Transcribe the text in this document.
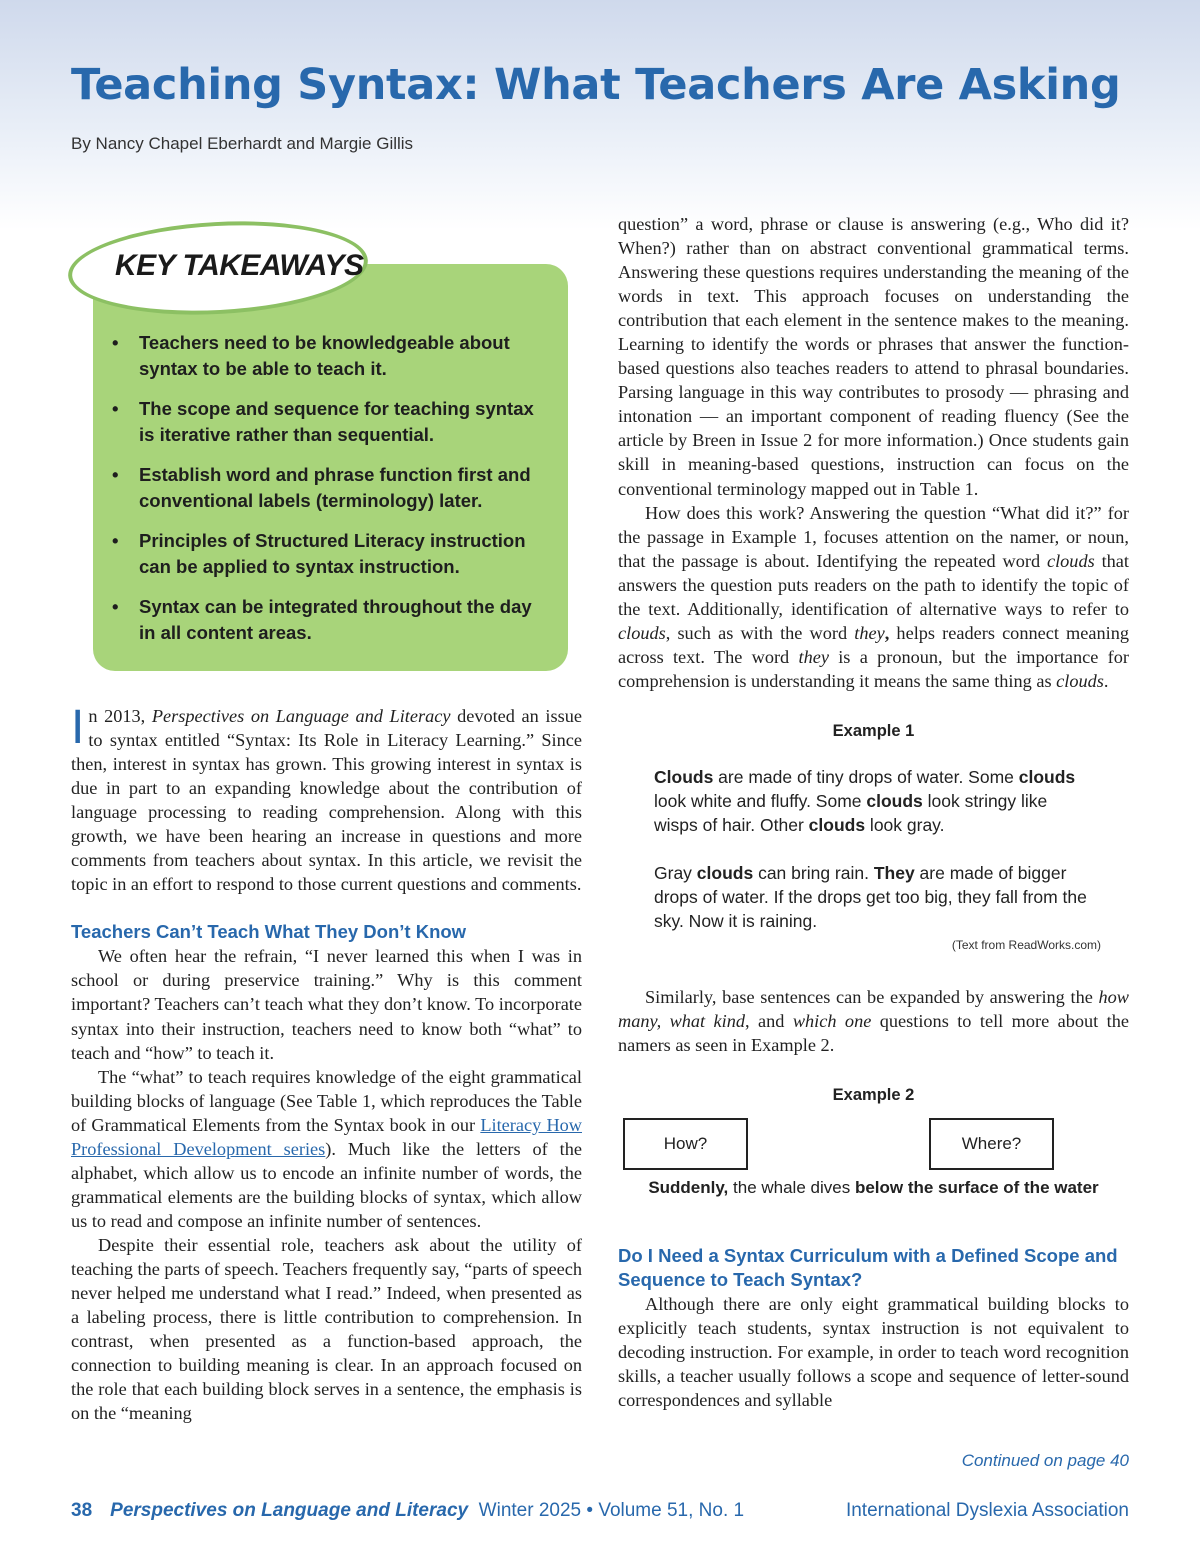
Teaching Syntax: What Teachers Are Asking
By Nancy Chapel Eberhardt and Margie Gillis
KEY TAKEAWAYS
• Teachers need to be knowledgeable about syntax to be able to teach it.
• The scope and sequence for teaching syntax is iterative rather than sequential.
• Establish word and phrase function first and conventional labels (terminology) later.
• Principles of Structured Literacy instruction can be applied to syntax instruction.
• Syntax can be integrated throughout the day in all content areas.

In 2013, Perspectives on Language and Literacy devoted an issue to syntax entitled “Syntax: Its Role in Literacy Learning.” Since then, interest in syntax has grown. This growing interest in syntax is due in part to an expanding knowledge about the contribution of language processing to reading comprehension. Along with this growth, we have been hearing an increase in questions and more comments from teachers about syntax. In this article, we revisit the topic in an effort to respond to those current questions and comments.

Teachers Can’t Teach What They Don’t Know

We often hear the refrain, “I never learned this when I was in school or during preservice training.” Why is this comment important? Teachers can’t teach what they don’t know. To incorporate syntax into their instruction, teachers need to know both “what” to teach and “how” to teach it.

The “what” to teach requires knowledge of the eight grammatical building blocks of language (See Table 1, which reproduces the Table of Grammatical Elements from the Syntax book in our Literacy How Professional Development series). Much like the letters of the alphabet, which allow us to encode an infinite number of words, the grammatical elements are the building blocks of syntax, which allow us to read and compose an infinite number of sentences.

Despite their essential role, teachers ask about the utility of teaching the parts of speech. Teachers frequently say, “parts of speech never helped me understand what I read.” Indeed, when presented as a labeling process, there is little contribution to comprehension. In contrast, when presented as a function-based approach, the connection to building meaning is clear. In an approach focused on the role that each building block serves in a sentence, the emphasis is on the “meaning

question” a word, phrase or clause is answering (e.g., Who did it? When?) rather than on abstract conventional grammatical terms. Answering these questions requires understanding the meaning of the words in text. This approach focuses on understanding the contribution that each element in the sentence makes to the meaning. Learning to identify the words or phrases that answer the function-based questions also teaches readers to attend to phrasal boundaries. Parsing language in this way contributes to prosody — phrasing and intonation — an important component of reading fluency (See the article by Breen in Issue 2 for more information.) Once students gain skill in meaning-based questions, instruction can focus on the conventional terminology mapped out in Table 1.

How does this work? Answering the question “What did it?” for the passage in Example 1, focuses attention on the namer, or noun, that the passage is about. Identifying the repeated word clouds that answers the question puts readers on the path to identify the topic of the text. Additionally, identification of alternative ways to refer to clouds, such as with the word they, helps readers connect meaning across text. The word they is a pronoun, but the importance for comprehension is understanding it means the same thing as clouds.

Example 1
Clouds are made of tiny drops of water. Some clouds look white and fluffy. Some clouds look stringy like wisps of hair. Other clouds look gray.
Gray clouds can bring rain. They are made of bigger drops of water. If the drops get too big, they fall from the sky. Now it is raining.
(Text from ReadWorks.com)

Similarly, base sentences can be expanded by answering the how many, what kind, and which one questions to tell more about the namers as seen in Example 2.

Example 2
How?	Where?
Suddenly, the whale dives below the surface of the water
Do I Need a Syntax Curriculum with a Defined Scope and Sequence to Teach Syntax?

Although there are only eight grammatical building blocks to explicitly teach students, syntax instruction is not equivalent to decoding instruction. For example, in order to teach word recognition skills, a teacher usually follows a scope and sequence of letter-sound correspondences and syllable

Continued on page 40
38 Perspectives on Language and Literacy Winter 2025 • Volume 51, No. 1	International Dyslexia Association
